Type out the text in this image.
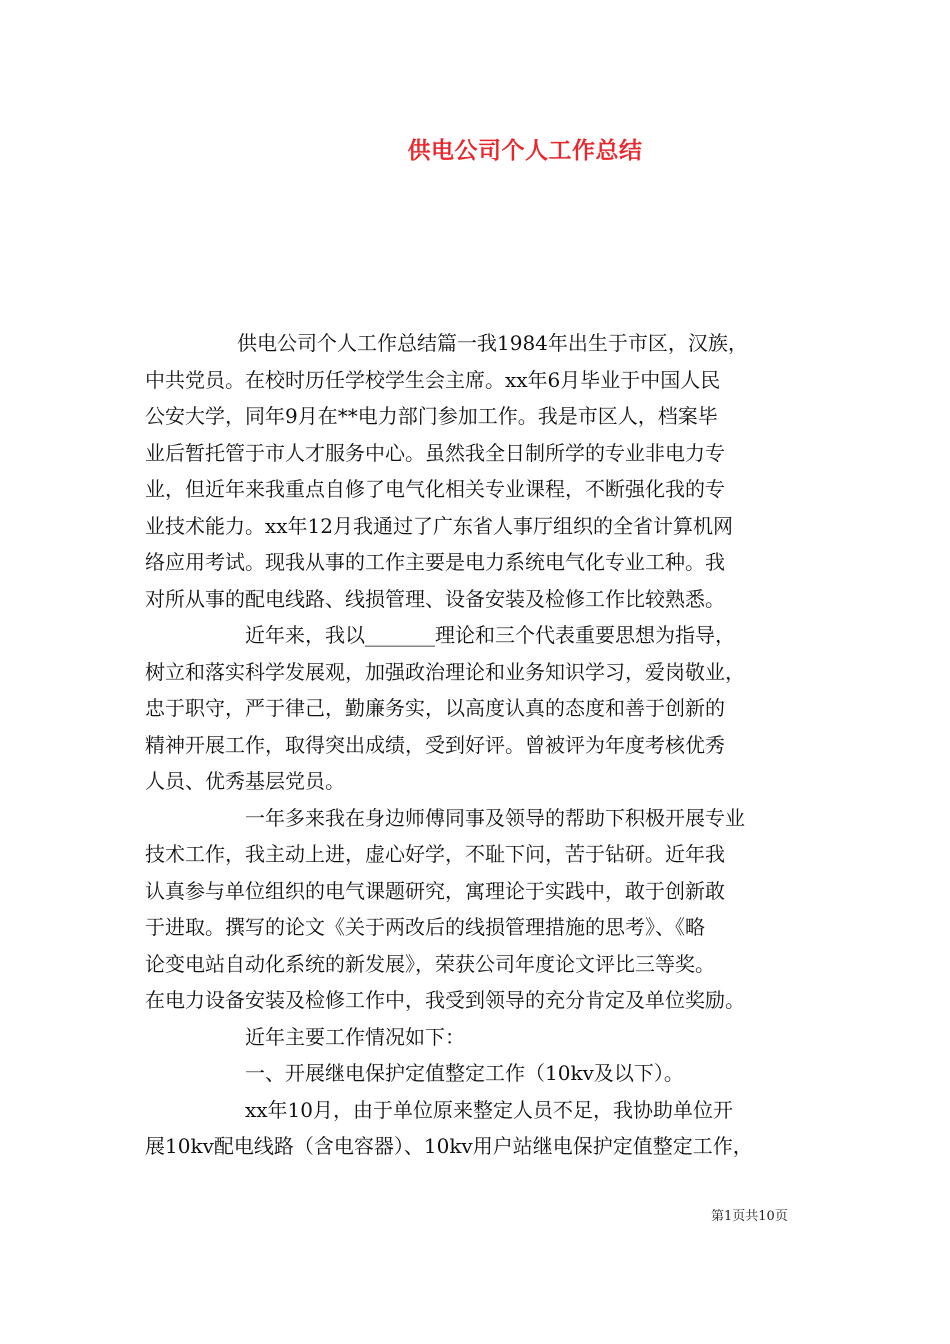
供电公司个人工作总结
供电公司个人工作总结篇一我1984年出生于市区，汉族，
中共党员。在校时历任学校学生会主席。xx年6月毕业于中国人民
公安大学，同年9月在**电力部门参加工作。我是市区人，档案毕
业后暂托管于市人才服务中心。虽然我全日制所学的专业非电力专
业，但近年来我重点自修了电气化相关专业课程，不断强化我的专
业技术能力。xx年12月我通过了广东省人事厅组织的全省计算机网
络应用考试。现我从事的工作主要是电力系统电气化专业工种。我
对所从事的配电线路、线损管理、设备安装及检修工作比较熟悉。
近年来，我以_______理论和三个代表重要思想为指导，
树立和落实科学发展观，加强政治理论和业务知识学习，爱岗敬业，
忠于职守，严于律己，勤廉务实，以高度认真的态度和善于创新的
精神开展工作，取得突出成绩，受到好评。曾被评为年度考核优秀
人员、优秀基层党员。
一年多来我在身边师傅同事及领导的帮助下积极开展专业
技术工作，我主动上进，虚心好学，不耻下问，苦于钻研。近年我
认真参与单位组织的电气课题研究，寓理论于实践中，敢于创新敢
于进取。撰写的论文《关于两改后的线损管理措施的思考》、《略
论变电站自动化系统的新发展》，荣获公司年度论文评比三等奖。
在电力设备安装及检修工作中，我受到领导的充分肯定及单位奖励。
近年主要工作情况如下：
一、开展继电保护定值整定工作（10kv及以下）。
xx年10月，由于单位原来整定人员不足，我协助单位开
展10kv配电线路（含电容器）、10kv用户站继电保护定值整定工作，
第1页共10页
